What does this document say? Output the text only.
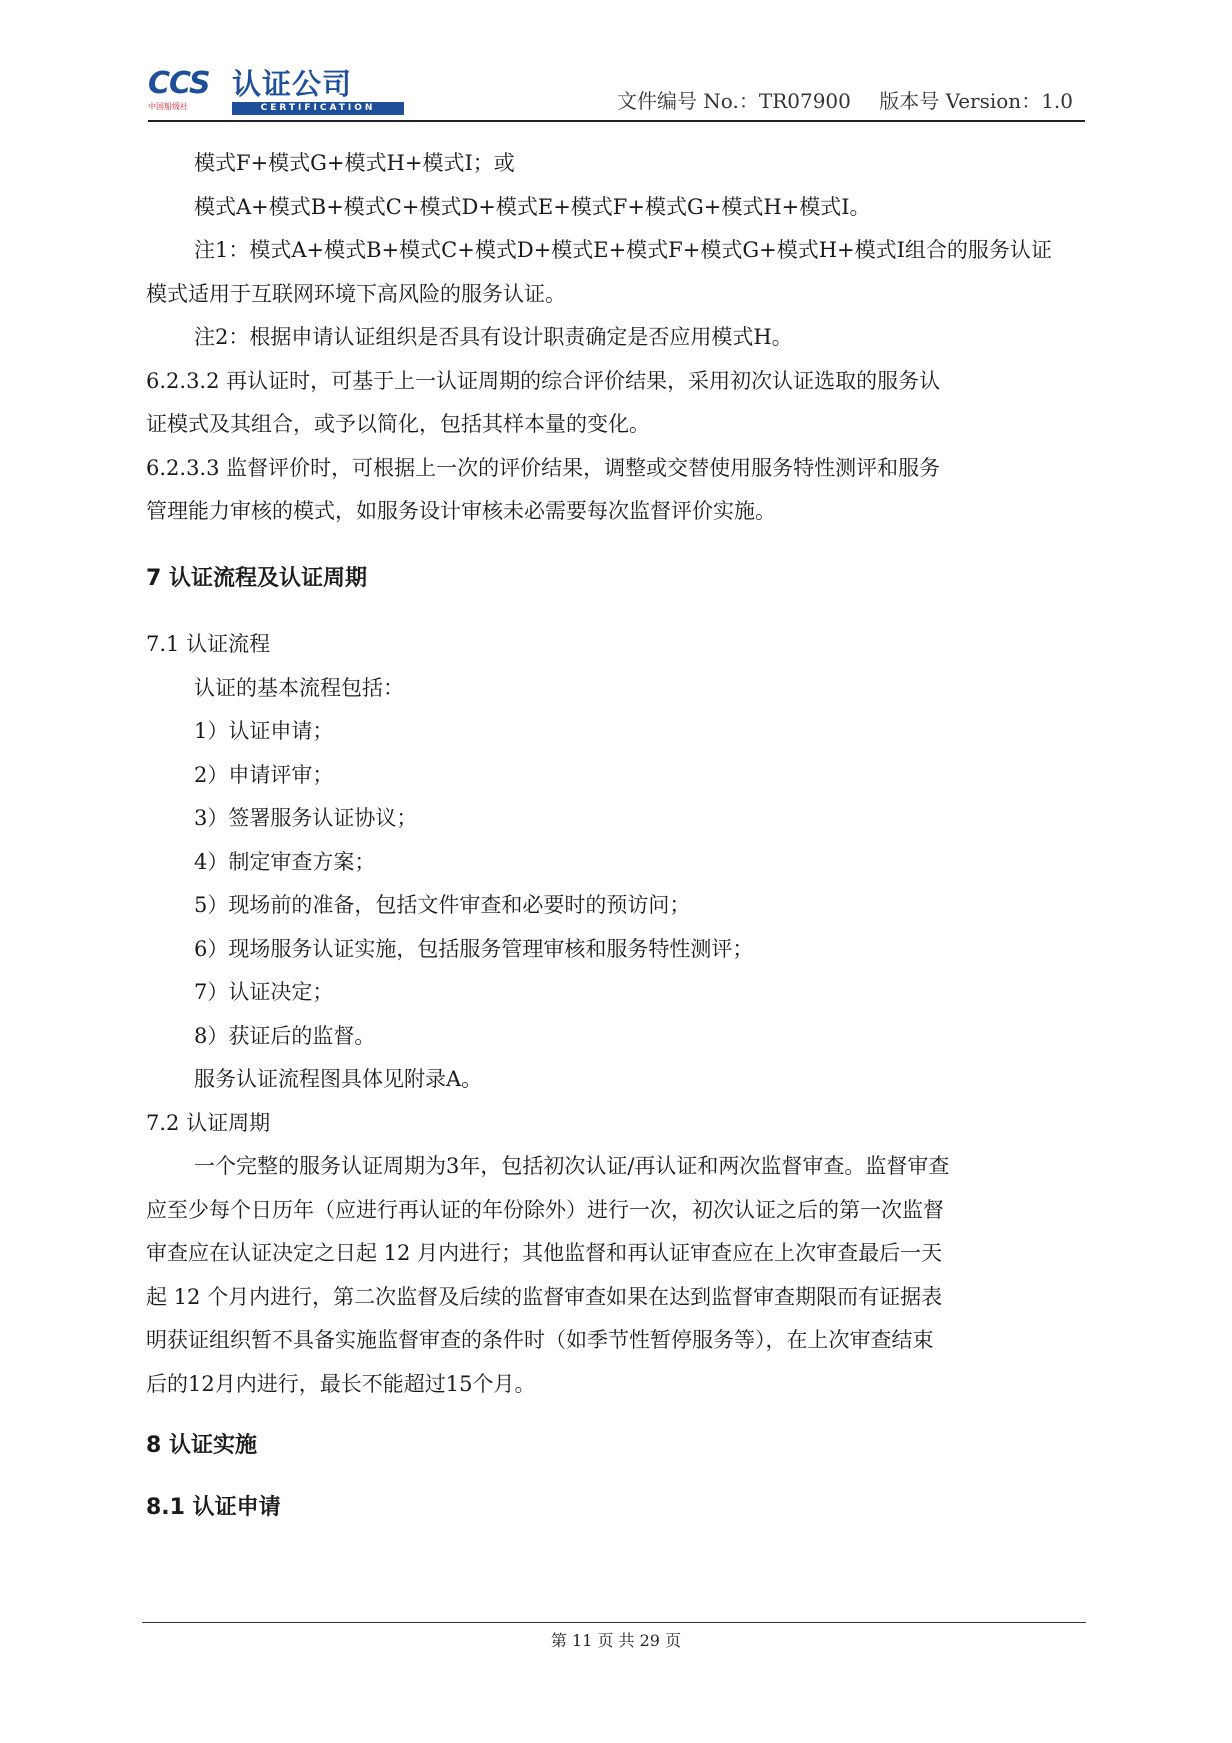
CCS 认证公司
中国船级社	CERTIFICATION	文件编号 No.：TR07900 版本号 Version：1.0
模式F+模式G+模式H+模式I；或
模式A+模式B+模式C+模式D+模式E+模式F+模式G+模式H+模式I。
注1：模式A+模式B+模式C+模式D+模式E+模式F+模式G+模式H+模式I组合的服务认证
模式适用于互联网环境下高风险的服务认证。
注2：根据申请认证组织是否具有设计职责确定是否应用模式H。
6.2.3.2 再认证时，可基于上一认证周期的综合评价结果，采用初次认证选取的服务认
证模式及其组合，或予以简化，包括其样本量的变化。
6.2.3.3 监督评价时，可根据上一次的评价结果，调整或交替使用服务特性测评和服务
管理能力审核的模式，如服务设计审核未必需要每次监督评价实施。
7 认证流程及认证周期
7.1 认证流程
认证的基本流程包括：
1）认证申请；
2）申请评审；
3）签署服务认证协议；
4）制定审查方案；
5）现场前的准备，包括文件审查和必要时的预访问；
6）现场服务认证实施，包括服务管理审核和服务特性测评；
7）认证决定；
8）获证后的监督。
服务认证流程图具体见附录A。
7.2 认证周期
一个完整的服务认证周期为3年，包括初次认证/再认证和两次监督审查。监督审查
应至少每个日历年（应进行再认证的年份除外）进行一次，初次认证之后的第一次监督
审查应在认证决定之日起 12 月内进行；其他监督和再认证审查应在上次审查最后一天
起 12 个月内进行，第二次监督及后续的监督审查如果在达到监督审查期限而有证据表
明获证组织暂不具备实施监督审查的条件时（如季节性暂停服务等），在上次审查结束
后的12月内进行，最长不能超过15个月。
8 认证实施
8.1 认证申请
第 11 页 共 29 页
